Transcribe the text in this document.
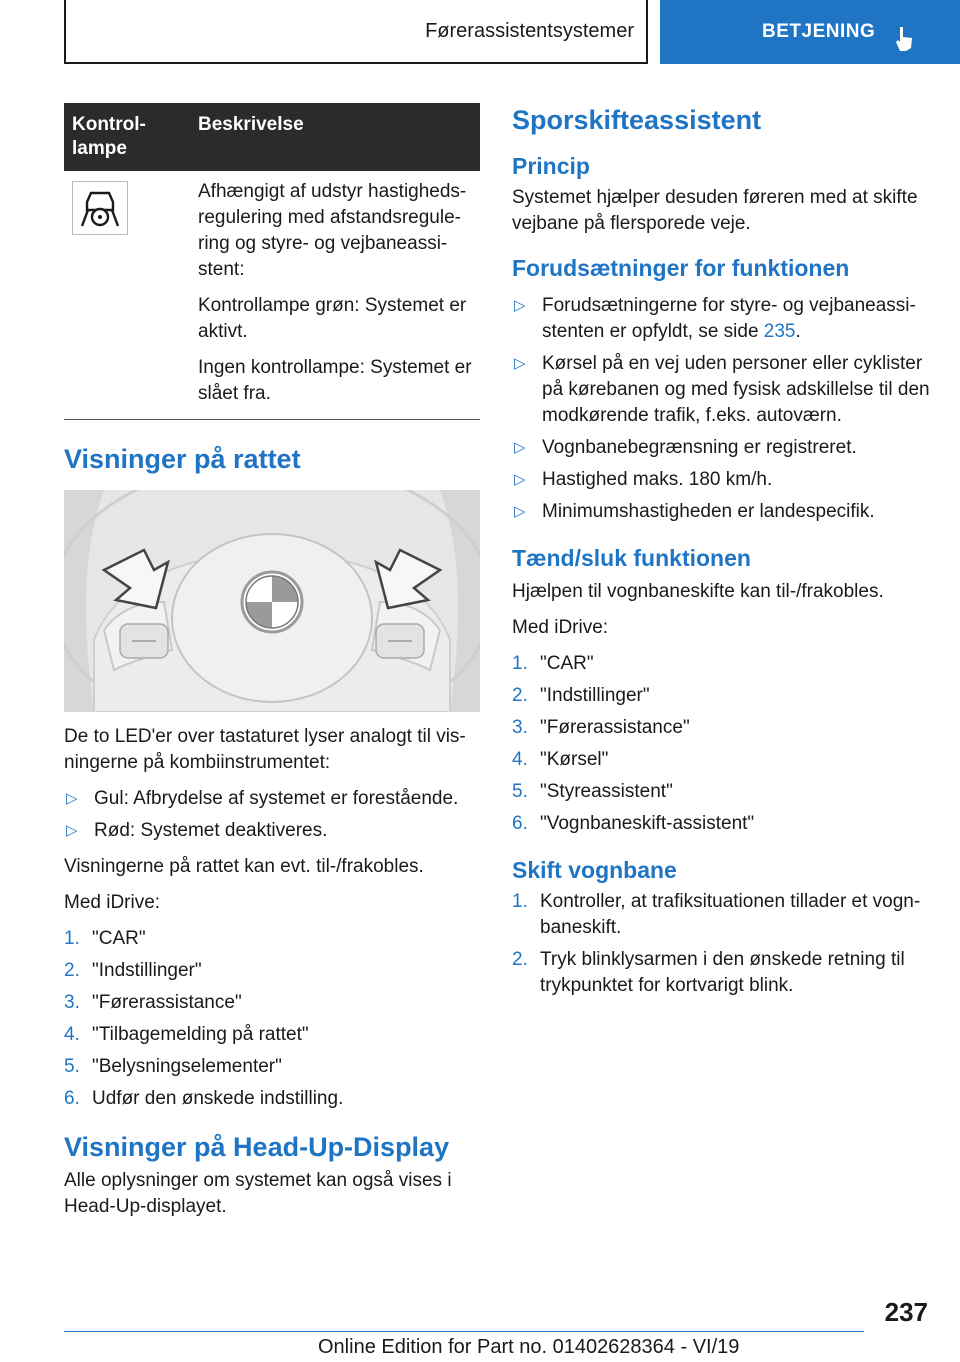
Førerassistentsystemer	BETJENING
Kontrol-
lampe	Beskrivelse

Afhængigt af udstyr hastigheds-regulering med afstandsregule-ring og styre- og vejbaneassi-stent:

Kontrollampe grøn: Systemet er aktivt.

Ingen kontrollampe: Systemet er slået fra.

Visninger på rattet

De to LED'er over tastaturet lyser analogt til vis-ningerne på kombiinstrumentet:

▷ Gul: Afbrydelse af systemet er forestående.
▷ Rød: Systemet deaktiveres.

Visningerne på rattet kan evt. til-/frakobles.

Med iDrive:

1. "CAR"
2. "Indstillinger"
3. "Førerassistance"
4. "Tilbagemelding på rattet"
5. "Belysningselementer"
6. Udfør den ønskede indstilling.
Visninger på Head-Up-Display

Alle oplysninger om systemet kan også vises i Head-Up-displayet.

Sporskifteassistent
Princip

Systemet hjælper desuden føreren med at skifte vejbane på flersporede veje.

Forudsætninger for funktionen
▷ Forudsætningerne for styre- og vejbaneassi-stenten er opfyldt, se side 235.
▷ Kørsel på en vej uden personer eller cyklister på kørebanen og med fysisk adskillelse til den modkørende trafik, f.eks. autoværn.
▷ Vognbanebegrænsning er registreret.
▷ Hastighed maks. 180 km/h.
▷ Minimumshastigheden er landespecifik.
Tænd/sluk funktionen

Hjælpen til vognbaneskifte kan til-/frakobles.

Med iDrive:

1. "CAR"
2. "Indstillinger"
3. "Førerassistance"
4. "Kørsel"
5. "Styreassistent"
6. "Vognbaneskift-assistent"
Skift vognbane
1. Kontroller, at trafiksituationen tillader et vogn-baneskift.
2. Tryk blinklysarmen i den ønskede retning til trykpunktet for kortvarigt blink.
237
Online Edition for Part no. 01402628364 - VI/19
